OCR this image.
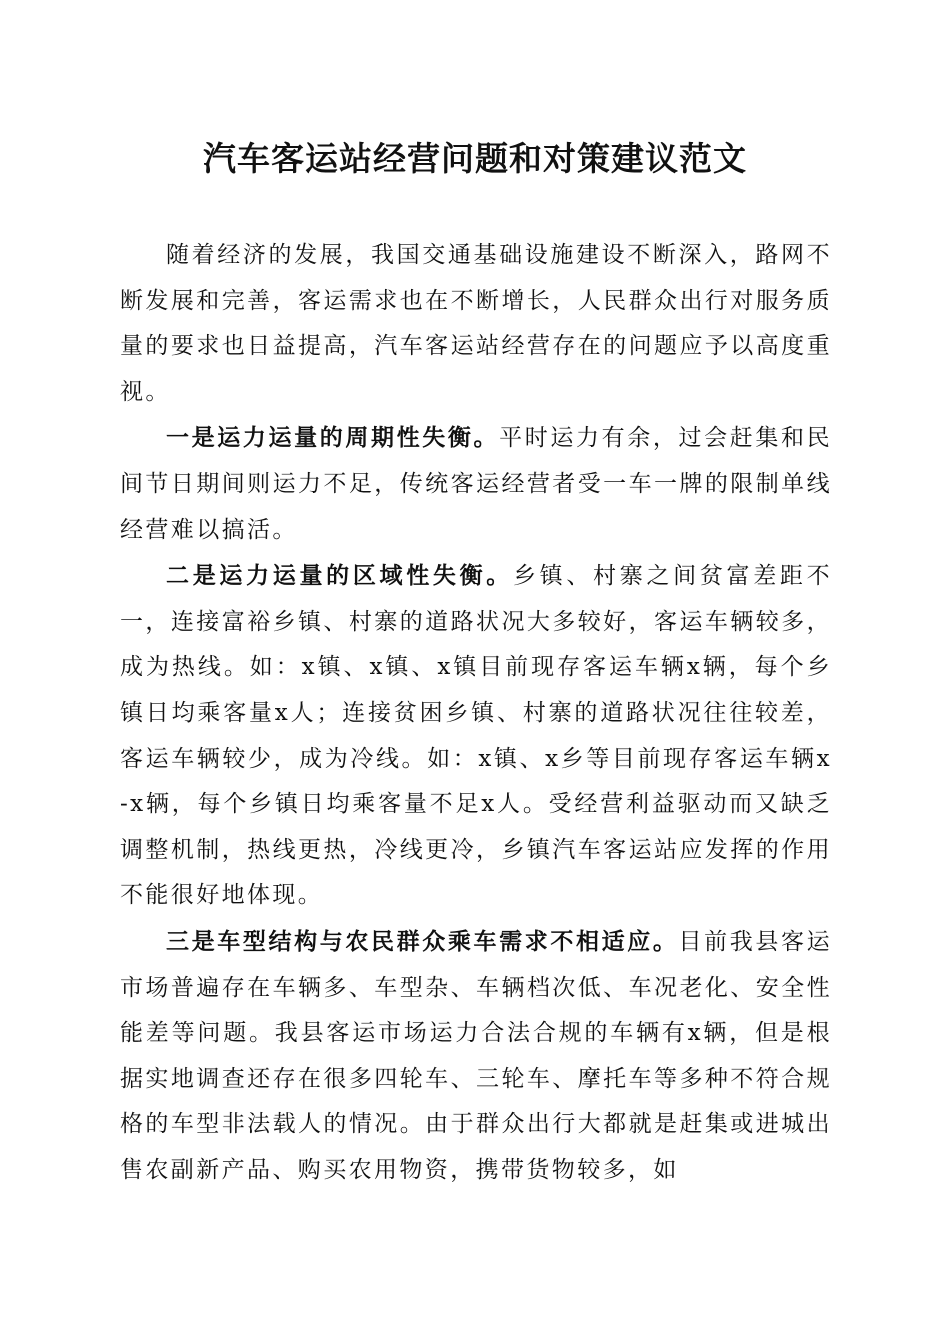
汽车客运站经营问题和对策建议范文

随着经济的发展，我国交通基础设施建设不断深入，路网不断发展和完善，客运需求也在不断增长，人民群众出行对服务质量的要求也日益提高，汽车客运站经营存在的问题应予以高度重视。

一是运力运量的周期性失衡。平时运力有余，过会赶集和民间节日期间则运力不足，传统客运经营者受一车一牌的限制单线经营难以搞活。

二是运力运量的区域性失衡。乡镇、村寨之间贫富差距不一，连接富裕乡镇、村寨的道路状况大多较好，客运车辆较多，成为热线。如：x镇、x镇、x镇目前现存客运车辆x辆，每个乡镇日均乘客量x人；连接贫困乡镇、村寨的道路状况往往较差，客运车辆较少，成为冷线。如：x镇、x乡等目前现存客运车辆x-x辆，每个乡镇日均乘客量不足x人。受经营利益驱动而又缺乏调整机制，热线更热，冷线更冷，乡镇汽车客运站应发挥的作用不能很好地体现。

三是车型结构与农民群众乘车需求不相适应。目前我县客运市场普遍存在车辆多、车型杂、车辆档次低、车况老化、安全性能差等问题。我县客运市场运力合法合规的车辆有x辆，但是根据实地调查还存在很多四轮车、三轮车、摩托车等多种不符合规格的车型非法载人的情况。由于群众出行大都就是赶集或进城出售农副新产品、购买农用物资，携带货物较多，如
